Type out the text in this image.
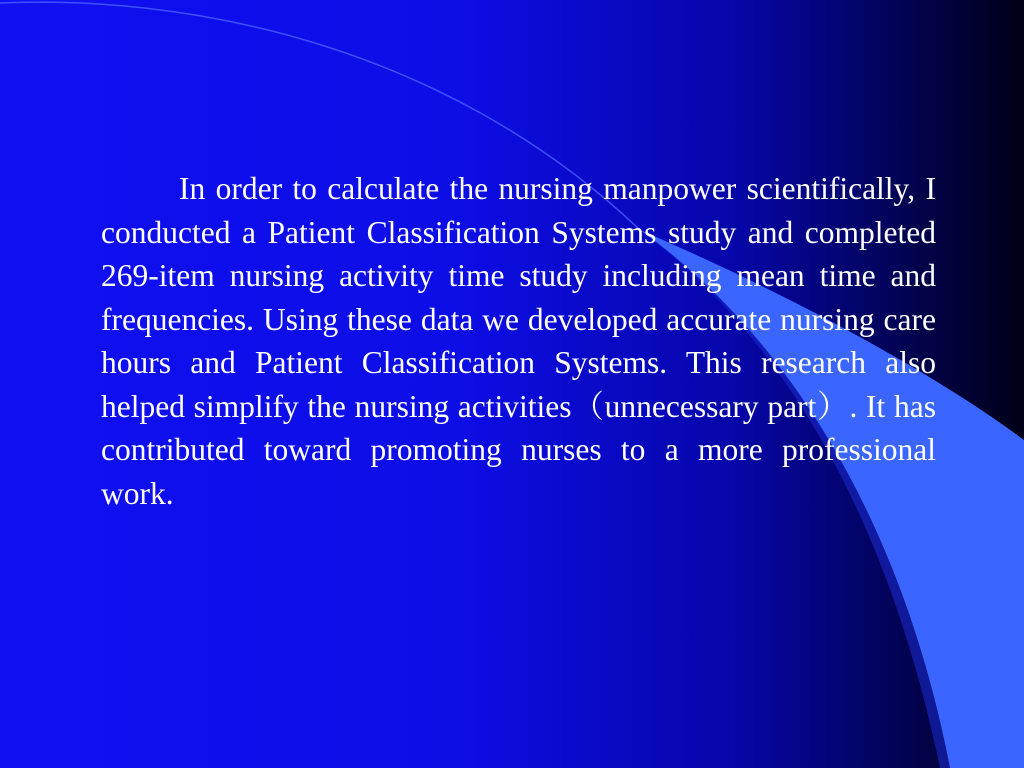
In order to calculate the nursing manpower scientifically, I conducted a Patient Classification Systems study and completed 269-item nursing activity time study including mean time and frequencies. Using these data we developed accurate nursing care hours and Patient Classification Systems. This research also helped simplify the nursing activities（unnecessary part）. It has contributed toward promoting nurses to a more professional work.
